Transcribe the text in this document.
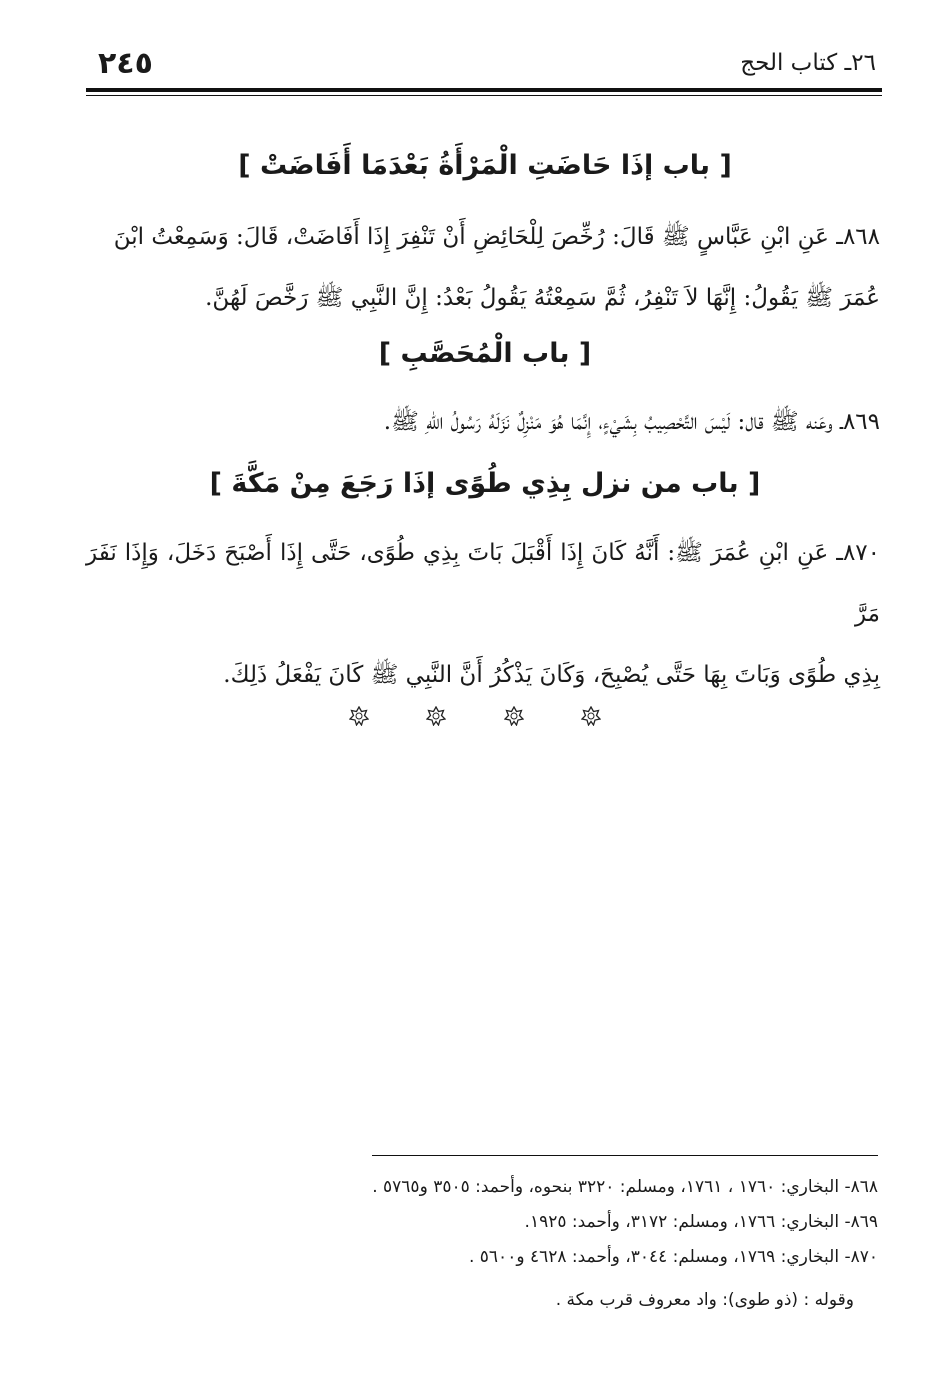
٢٤٥	٢٦ـ كتاب الحج
[ باب إذَا حَاضَتِ الْمَرْأَةُ بَعْدَمَا أَفَاضَتْ ]
٨٦٨ـ عَنِ ابْنِ عَبَّاسٍ ﷺ قَالَ: رُخِّصَ لِلْحَائِضِ أَنْ تَنْفِرَ إِذَا أَفَاضَتْ، قَالَ: وَسَمِعْتُ ابْنَ
عُمَرَ ﷺ يَقُولُ: إِنَّهَا لاَ تَنْفِرُ، ثُمَّ سَمِعْتُهُ يَقُولُ بَعْدُ: إِنَّ النَّبِي ﷺ رَخَّصَ لَهُنَّ.
[ باب الْمُحَصَّبِ ]
٨٦٩ـ وعَنه ﷺ قال: لَيْسَ التَّحْصِيبُ بِشَيْءٍ، إِنَّمَا هُوَ مَنْزِلٌ نَزَلَهُ رَسُولُ اللهِ ﷺ.
[ باب من نزل بِذِي طُوًى إذَا رَجَعَ مِنْ مَكَّةَ ]
٨٧٠ـ عَنِ ابْنِ عُمَرَ ﷺ: أَنَّهُ كَانَ إِذَا أَقْبَلَ بَاتَ بِذِي طُوًى، حَتَّى إِذَا أَصْبَحَ دَخَلَ، وَإِذَا نَفَرَ مَرَّ
بِذِي طُوًى وَبَاتَ بِهَا حَتَّى يُصْبِحَ، وَكَانَ يَذْكُرُ أَنَّ النَّبِي ﷺ كَانَ يَفْعَلُ ذَلِكَ.

٨٦٨- البخاري: ١٧٦٠ ، ١٧٦١، ومسلم: ٣٢٢٠ بنحوه، وأحمد: ٣٥٠٥ و٥٧٦٥ .
٨٦٩- البخاري: ١٧٦٦، ومسلم: ٣١٧٢، وأحمد: ١٩٢٥.
٨٧٠- البخاري: ١٧٦٩، ومسلم: ٣٠٤٤، وأحمد: ٤٦٢٨ و٥٦٠٠ .
وقوله : (ذو طوى): واد معروف قرب مكة .
